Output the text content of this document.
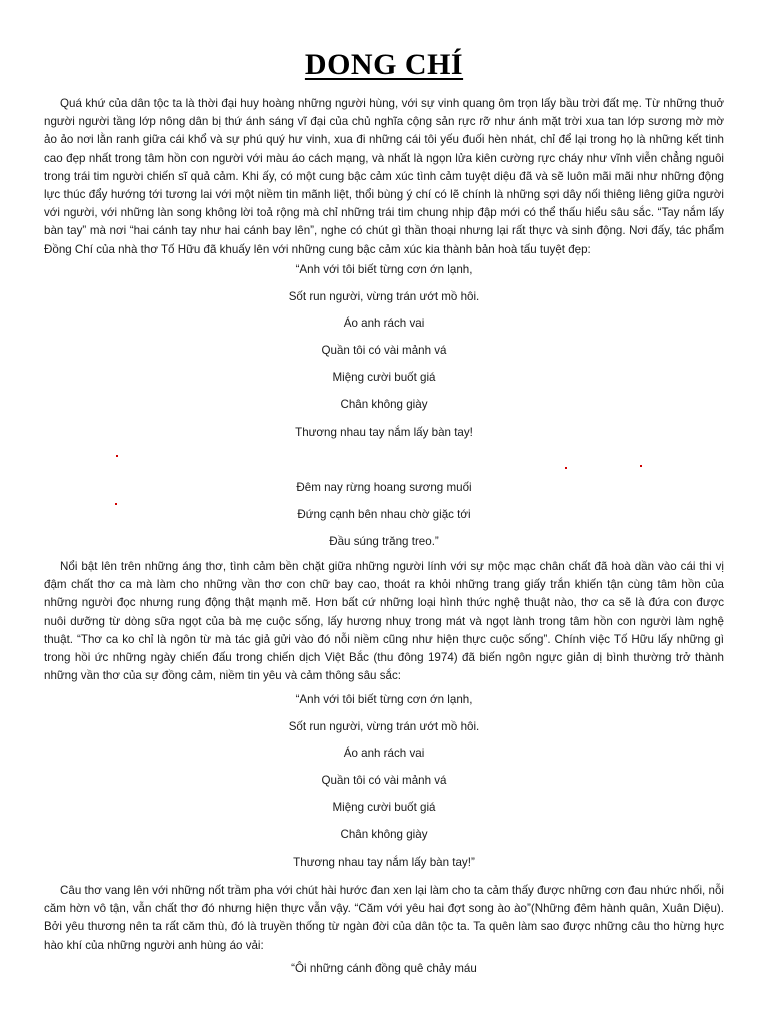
DONG CHÍ

Quá khứ của dân tộc ta là thời đại huy hoàng những người hùng, với sự vinh quang ôm trọn lấy bầu trời đất mẹ. Từ những thuở người người tầng lớp nông dân bị thứ ánh sáng vĩ đại của chủ nghĩa cộng sản rực rỡ như ánh mặt trời xua tan lớp sương mờ mờ ảo ảo nơi lằn ranh giữa cái khổ và sự phú quý hư vinh, xua đi những cái tôi yếu đuối hèn nhát, chỉ để lại trong họ là những kết tinh cao đẹp nhất trong tâm hồn con người với màu áo cách mạng, và nhất là ngọn lửa kiên cường rực cháy như vĩnh viễn chẳng nguôi trong trái tim người chiến sĩ quả cảm. Khi ấy, có một cung bậc cảm xúc tình cảm tuyệt diệu đã và sẽ luôn mãi mãi như những động lực thúc đẩy hướng tới tương lai với một niềm tin mãnh liệt, thổi bùng ý chí có lẽ chính là những sợi dây nối thiêng liêng giữa người với người, với những làn song không lời toả rộng mà chỉ những trái tim chung nhịp đập mới có thể thấu hiểu sâu sắc. “Tay nắm lấy bàn tay” mà nơi “hai cánh tay như hai cánh bay lên”, nghe có chút gì thần thoại nhưng lại rất thực và sinh động. Nơi đấy, tác phẩm Đồng Chí của nhà thơ Tố Hữu đã khuấy lên với những cung bậc cảm xúc kia thành bản hoà tấu tuyệt đẹp:

“Anh với tôi biết từng cơn ớn lạnh,

Sốt run người, vừng trán ướt mồ hôi.

Áo anh rách vai

Quần tôi có vài mảnh vá

Miệng cười buốt giá

Chân không giày

Thương nhau tay nắm lấy bàn tay!

Đêm nay rừng hoang sương muối

Đứng cạnh bên nhau chờ giặc tới

Đầu súng trăng treo.”

Nổi bật lên trên những áng thơ, tình cảm bền chặt giữa những người lính với sự mộc mạc chân chất đã hoà dần vào cái thi vị đậm chất thơ ca mà làm cho những vần thơ con chữ bay cao, thoát ra khỏi những trang giấy trắn khiến tận cùng tâm hồn của những người đọc nhưng rung động thật mạnh mẽ. Hơn bất cứ những loại hình thức nghệ thuật nào, thơ ca sẽ là đứa con được nuôi dưỡng từ dòng sữa ngọt của bà mẹ cuộc sống, lấy hương nhuỵ trong mát và ngọt lành trong tâm hồn con người làm nghệ thuật. “Thơ ca ko chỉ là ngôn từ mà tác giả gửi vào đó nỗi niềm cũng như hiện thực cuộc sống”. Chính việc Tố Hữu lấy những gì trong hồi ức những ngày chiến đấu trong chiến dịch Việt Bắc (thu đông 1974) đã biến ngôn ngực giản dị bình thường trở thành những vần thơ của sự đồng cảm, niềm tin yêu và cảm thông sâu sắc:

“Anh với tôi biết từng cơn ớn lạnh,

Sốt run người, vừng trán ướt mồ hôi.

Áo anh rách vai

Quần tôi có vài mảnh vá

Miệng cười buốt giá

Chân không giày

Thương nhau tay nắm lấy bàn tay!”

Câu thơ vang lên với những nốt trầm pha với chút hài hước đan xen lại làm cho ta cảm thấy được những cơn đau nhức nhối, nỗi căm hờn vô tận, vẫn chất thơ đó nhưng hiện thực vẫn vậy. “Căm với yêu hai đợt song ào ào”(Những đêm hành quân, Xuân Diệu). Bởi yêu thương nên ta rất căm thù, đó là truyền thống từ ngàn đời của dân tộc ta. Ta quên làm sao được những câu tho hừng hực hào khí của những người anh hùng áo vải:

“Ôi những cánh đồng quê chảy máu
